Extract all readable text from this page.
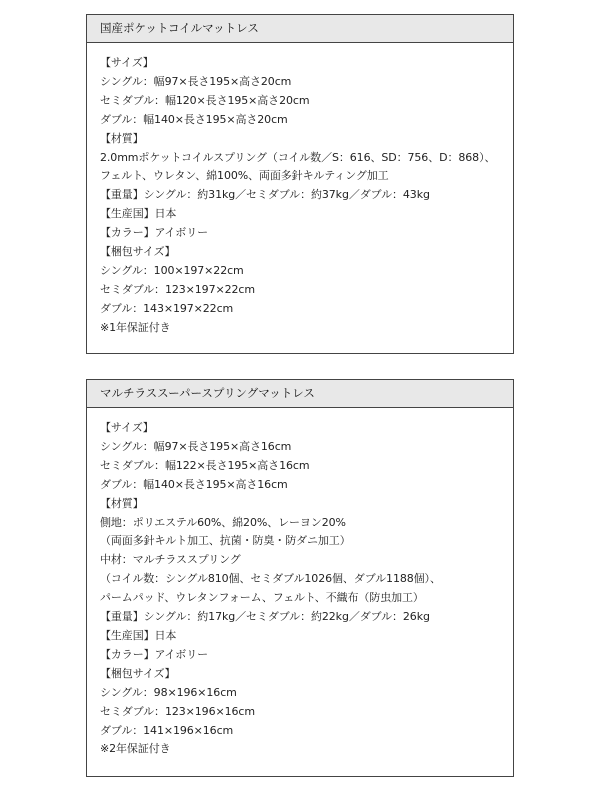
国産ポケットコイルマットレス
【サイズ】
シングル：幅97×長さ195×高さ20cm
セミダブル：幅120×長さ195×高さ20cm
ダブル：幅140×長さ195×高さ20cm
【材質】
2.0mmポケットコイルスプリング（コイル数／S：616、SD：756、D：868）、
フェルト、ウレタン、綿100%、両面多針キルティング加工
【重量】シングル：約31kg／セミダブル：約37kg／ダブル：43kg
【生産国】日本
【カラー】アイボリー
【梱包サイズ】
シングル：100×197×22cm
セミダブル：123×197×22cm
ダブル：143×197×22cm
※1年保証付き
マルチラススーパースプリングマットレス
【サイズ】
シングル：幅97×長さ195×高さ16cm
セミダブル：幅122×長さ195×高さ16cm
ダブル：幅140×長さ195×高さ16cm
【材質】
側地：ポリエステル60%、綿20%、レーヨン20%
（両面多針キルト加工、抗菌・防臭・防ダニ加工）
中材：マルチラススプリング
（コイル数：シングル810個、セミダブル1026個、ダブル1188個）、
パームパッド、ウレタンフォーム、フェルト、不織布（防虫加工）
【重量】シングル：約17kg／セミダブル：約22kg／ダブル：26kg
【生産国】日本
【カラー】アイボリー
【梱包サイズ】
シングル：98×196×16cm
セミダブル：123×196×16cm
ダブル：141×196×16cm
※2年保証付き
